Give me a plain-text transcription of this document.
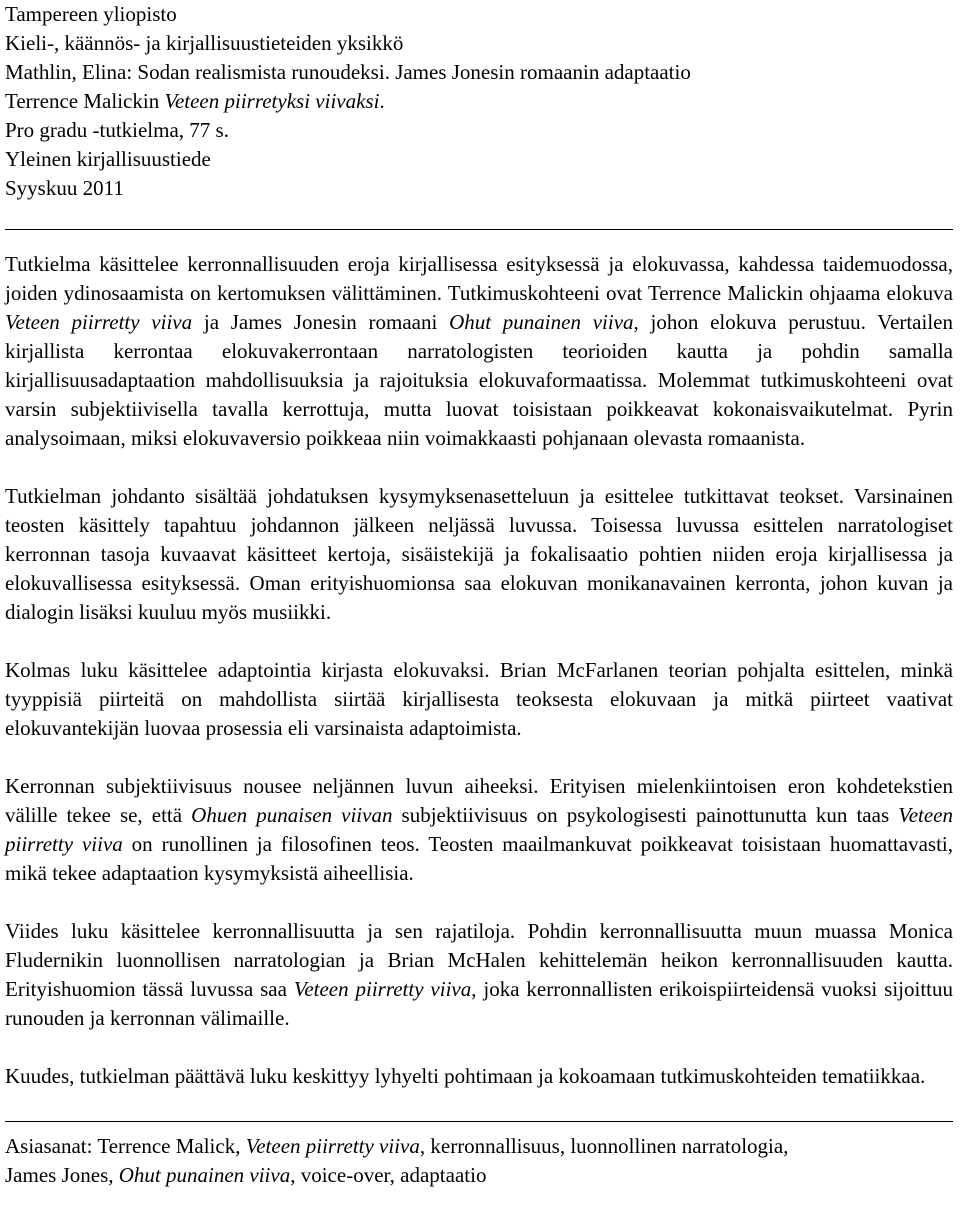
Tampereen yliopisto
Kieli-, käännös- ja kirjallisuustieteiden yksikkö
Mathlin, Elina: Sodan realismista runoudeksi. James Jonesin romaanin adaptaatio
Terrence Malickin Veteen piirretyksi viivaksi.
Pro gradu -tutkielma, 77 s.
Yleinen kirjallisuustiede
Syyskuu 2011

Tutkielma käsittelee kerronnallisuuden eroja kirjallisessa esityksessä ja elokuvassa, kahdessa taidemuodossa, joiden ydinosaamista on kertomuksen välittäminen. Tutkimuskohteeni ovat Terrence Malickin ohjaama elokuva Veteen piirretty viiva ja James Jonesin romaani Ohut punainen viiva, johon elokuva perustuu. Vertailen kirjallista kerrontaa elokuvakerrontaan narratologisten teorioiden kautta ja pohdin samalla kirjallisuusadaptaation mahdollisuuksia ja rajoituksia elokuvaformaatissa. Molemmat tutkimuskohteeni ovat varsin subjektiivisella tavalla kerrottuja, mutta luovat toisistaan poikkeavat kokonaisvaikutelmat. Pyrin analysoimaan, miksi elokuvaversio poikkeaa niin voimakkaasti pohjanaan olevasta romaanista.

Tutkielman johdanto sisältää johdatuksen kysymyksenasetteluun ja esittelee tutkittavat teokset. Varsinainen teosten käsittely tapahtuu johdannon jälkeen neljässä luvussa. Toisessa luvussa esittelen narratologiset kerronnan tasoja kuvaavat käsitteet kertoja, sisäistekijä ja fokalisaatio pohtien niiden eroja kirjallisessa ja elokuvallisessa esityksessä. Oman erityishuomionsa saa elokuvan monikanavainen kerronta, johon kuvan ja dialogin lisäksi kuuluu myös musiikki.

Kolmas luku käsittelee adaptointia kirjasta elokuvaksi. Brian McFarlanen teorian pohjalta esittelen, minkä tyyppisiä piirteitä on mahdollista siirtää kirjallisesta teoksesta elokuvaan ja mitkä piirteet vaativat elokuvantekijän luovaa prosessia eli varsinaista adaptoimista.

Kerronnan subjektiivisuus nousee neljännen luvun aiheeksi. Erityisen mielenkiintoisen eron kohdetekstien välille tekee se, että Ohuen punaisen viivan subjektiivisuus on psykologisesti painottunutta kun taas Veteen piirretty viiva on runollinen ja filosofinen teos. Teosten maailmankuvat poikkeavat toisistaan huomattavasti, mikä tekee adaptaation kysymyksistä aiheellisia.

Viides luku käsittelee kerronnallisuutta ja sen rajatiloja. Pohdin kerronnallisuutta muun muassa Monica Fludernikin luonnollisen narratologian ja Brian McHalen kehittelemän heikon kerronnallisuuden kautta. Erityishuomion tässä luvussa saa Veteen piirretty viiva, joka kerronnallisten erikoispiirteidensä vuoksi sijoittuu runouden ja kerronnan välimaille.

Kuudes, tutkielman päättävä luku keskittyy lyhyelti pohtimaan ja kokoamaan tutkimuskohteiden tematiikkaa.

Asiasanat: Terrence Malick, Veteen piirretty viiva, kerronnallisuus, luonnollinen narratologia,
James Jones, Ohut punainen viiva, voice-over, adaptaatio
